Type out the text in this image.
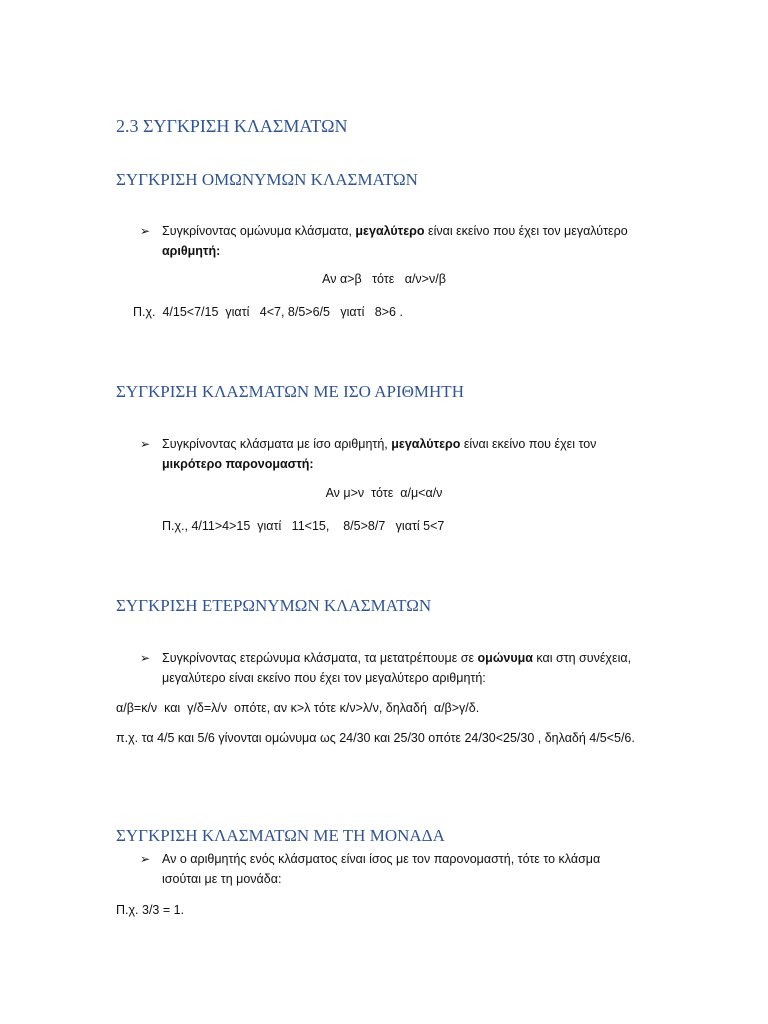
2.3 ΣΥΓΚΡΙΣΗ ΚΛΑΣΜΑΤΩΝ
ΣΥΓΚΡΙΣΗ ΟΜΩΝΥΜΩΝ ΚΛΑΣΜΑΤΩΝ
➢ Συγκρίνοντας ομώνυμα κλάσματα, μεγαλύτερο είναι εκείνο που έχει τον μεγαλύτερο αριθμητή:
Αν α>β   τότε   α/ν>ν/β
Π.χ.  4/15<7/15  γιατί   4<7, 8/5>6/5   γιατί   8>6 .
ΣΥΓΚΡΙΣΗ ΚΛΑΣΜΑΤΩΝ ΜΕ ΙΣΟ ΑΡΙΘΜΗΤΗ
➢ Συγκρίνοντας κλάσματα με ίσο αριθμητή, μεγαλύτερο είναι εκείνο που έχει τον μικρότερο παρονομαστή:
Αν μ>ν  τότε  α/μ<α/ν
Π.χ., 4/11>4>15  γιατί   11<15,    8/5>8/7   γιατί 5<7
ΣΥΓΚΡΙΣΗ ΕΤΕΡΩΝΥΜΩΝ ΚΛΑΣΜΑΤΩΝ
➢ Συγκρίνοντας ετερώνυμα κλάσματα, τα μετατρέπουμε σε ομώνυμα και στη συνέχεια, μεγαλύτερο είναι εκείνο που έχει τον μεγαλύτερο αριθμητή:
α/β=κ/ν  και  γ/δ=λ/ν  οπότε, αν κ>λ τότε κ/ν>λ/ν, δηλαδή  α/β>γ/δ.
π.χ. τα 4/5 και 5/6 γίνονται ομώνυμα ως 24/30 και 25/30 οπότε 24/30<25/30 , δηλαδή 4/5<5/6.
ΣΥΓΚΡΙΣΗ ΚΛΑΣΜΑΤΩΝ ΜΕ ΤΗ ΜΟΝΑΔΑ
➢ Αν ο αριθμητής ενός κλάσματος είναι ίσος με τον παρονομαστή, τότε το κλάσμα ισούται με τη μονάδα:
Π.χ. 3/3 = 1.
